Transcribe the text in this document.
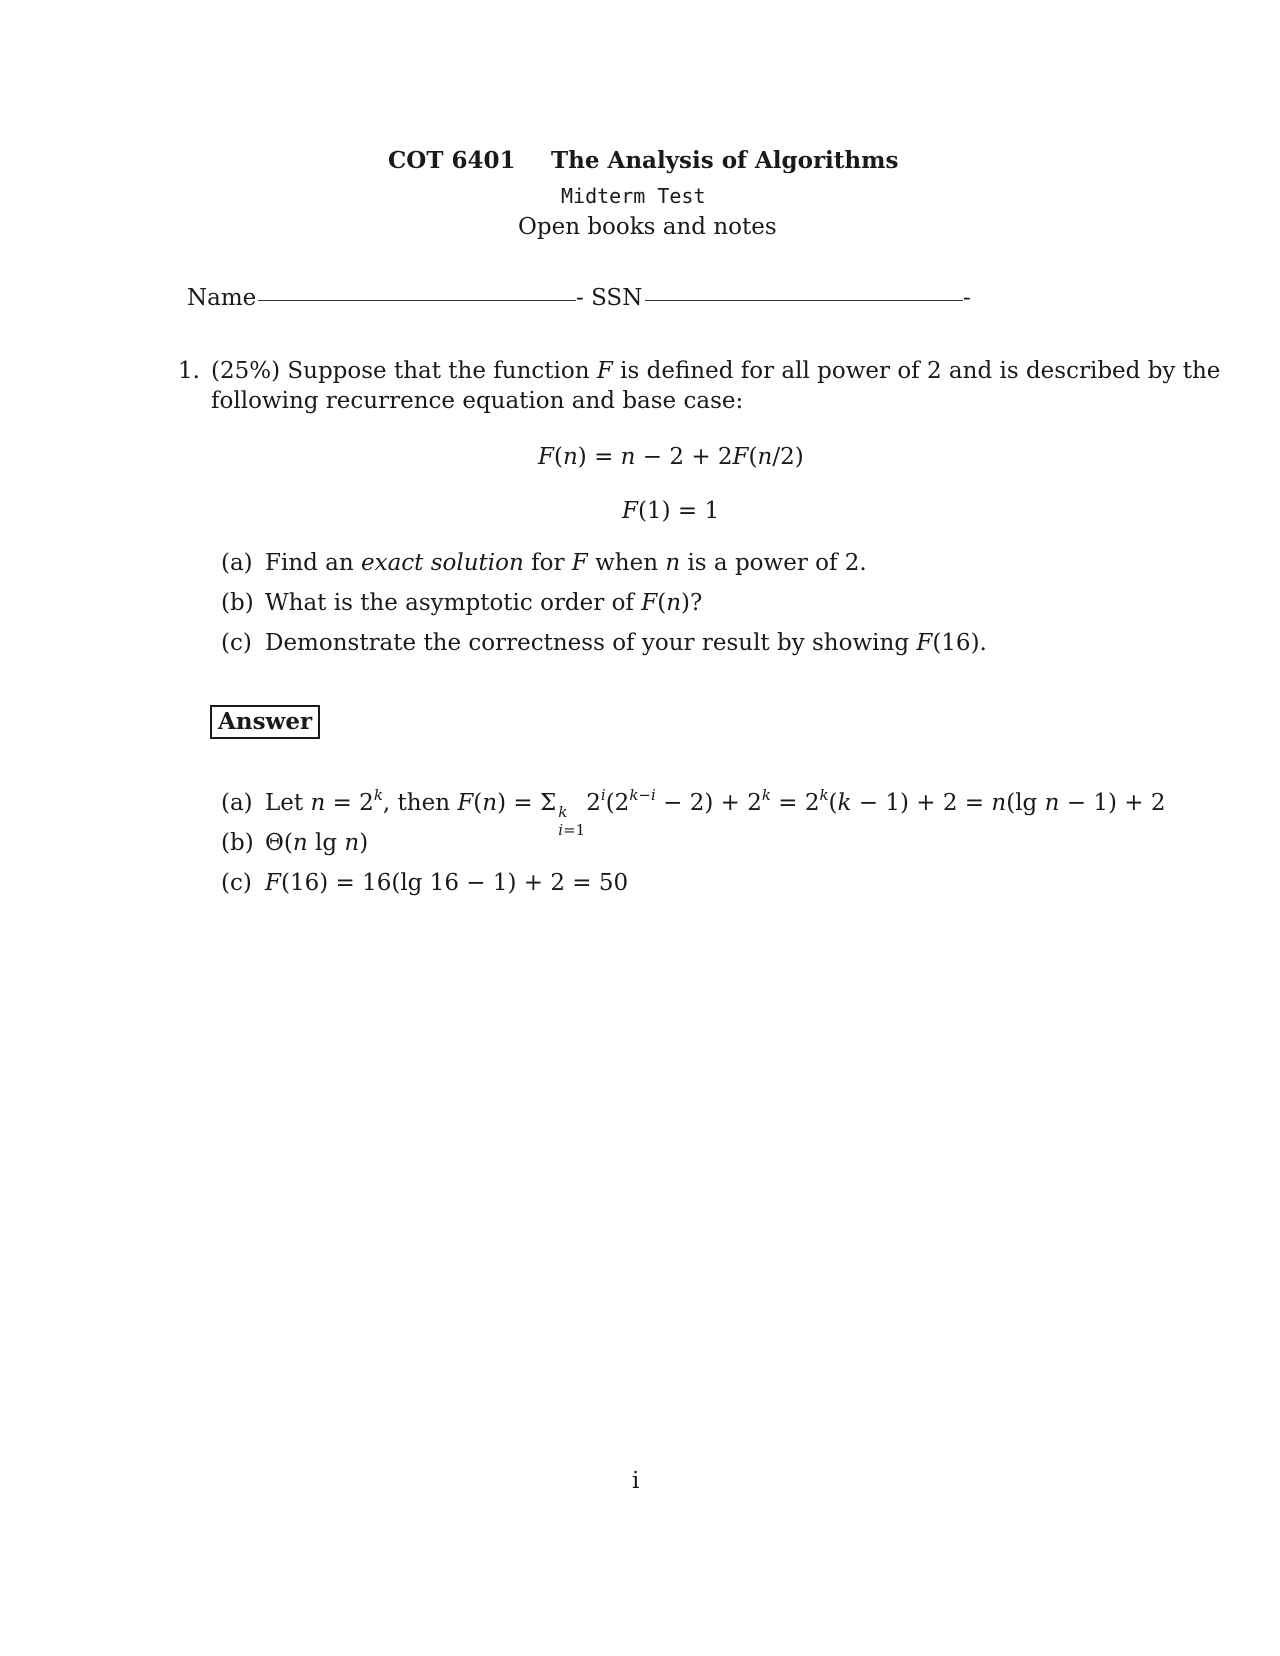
COT 6401 The Analysis of Algorithms
Midterm Test
Open books and notes
Name	- SSN	-
1. (25%) Suppose that the function F is defined for all power of 2 and is described by the
following recurrence equation and base case:
F(n) = n − 2 + 2F(n/2)
F(1) = 1
(a) Find an exact solution for F when n is a power of 2.
(b) What is the asymptotic order of F(n)?
(c) Demonstrate the correctness of your result by showing F(16).
Answer
(a) Let $n = 2^k$, then F(n) = Σ k
i=1
$2^i(2^{k-i} - 2) + 2^k = 2^k(k - 1) + 2 = n(\lg$ n − 1) + 2
(b) Θ(n lg n)
(c) F(16) = 16(lg 16 − 1) + 2 = 50
i
